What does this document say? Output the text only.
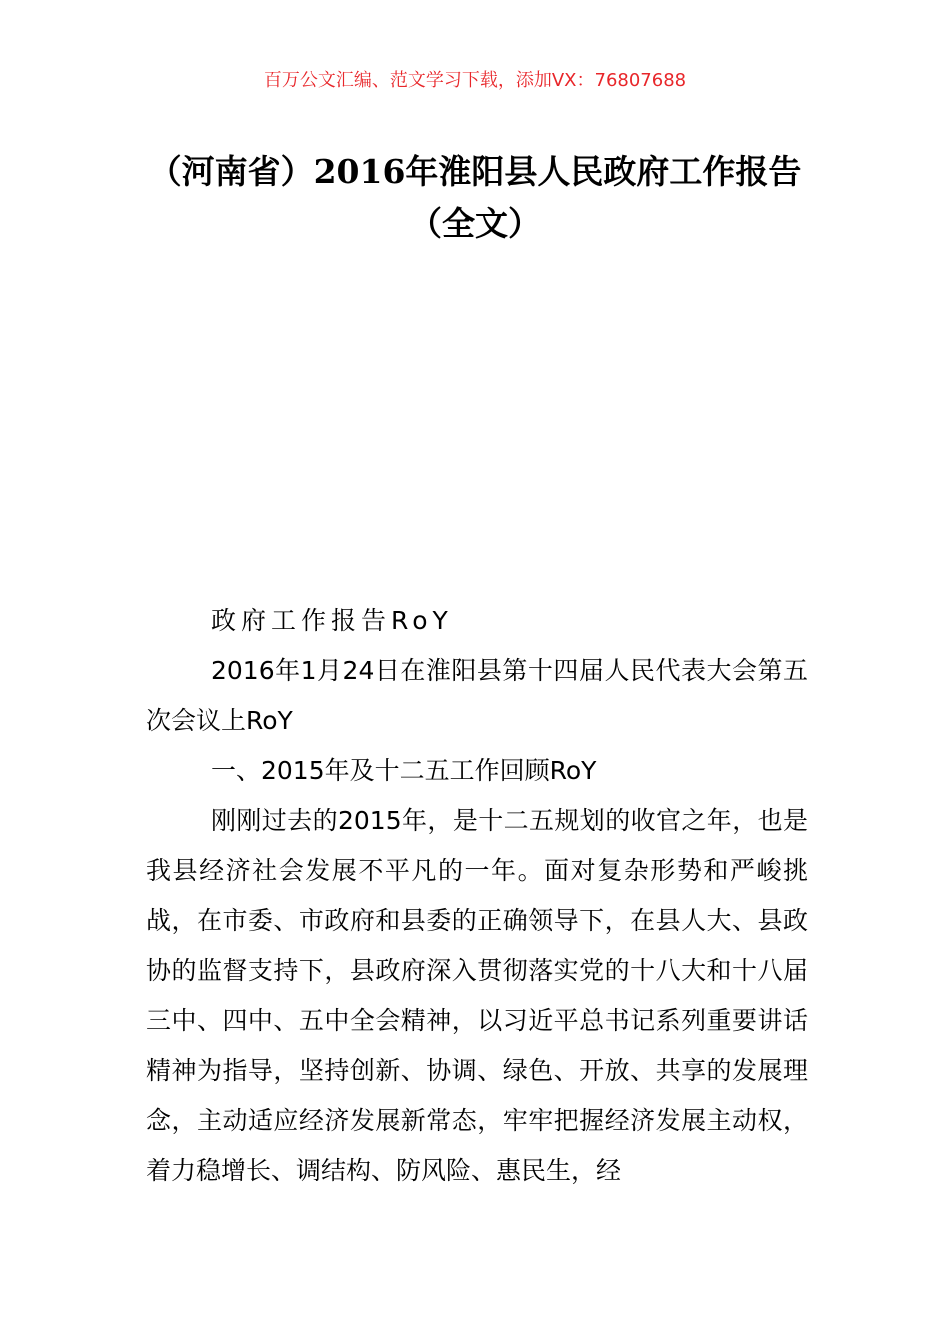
百万公文汇编、范文学习下载，添加VX：76807688
（河南省）2016年淮阳县人民政府工作报告（全文）

政府工作报告RoY

2016年1月24日在淮阳县第十四届人民代表大会第五次会议上RoY

一、2015年及十二五工作回顾RoY

刚刚过去的2015年，是十二五规划的收官之年，也是我县经济社会发展不平凡的一年。面对复杂形势和严峻挑战，在市委、市政府和县委的正确领导下，在县人大、县政协的监督支持下，县政府深入贯彻落实党的十八大和十八届三中、四中、五中全会精神，以习近平总书记系列重要讲话精神为指导，坚持创新、协调、绿色、开放、共享的发展理念，主动适应经济发展新常态，牢牢把握经济发展主动权，着力稳增长、调结构、防风险、惠民生，经
